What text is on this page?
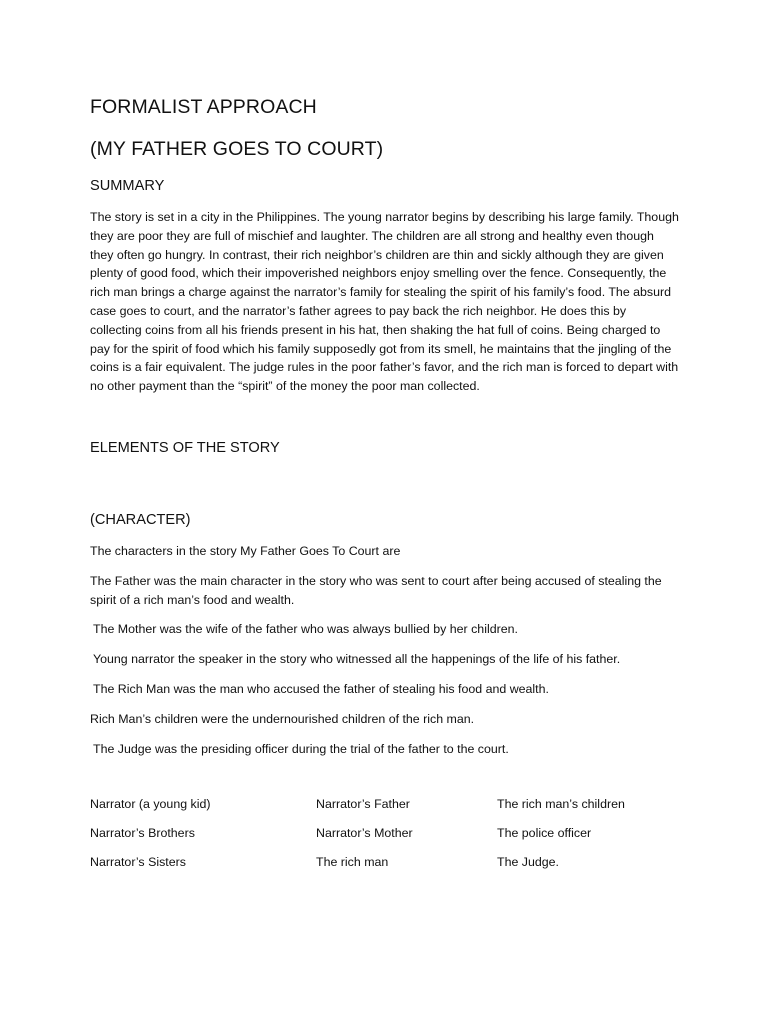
FORMALIST APPROACH
(MY FATHER GOES TO COURT)
SUMMARY

The story is set in a city in the Philippines. The young narrator begins by describing his large family. Though they are poor they are full of mischief and laughter. The children are all strong and healthy even though they often go hungry. In contrast, their rich neighbor’s children are thin and sickly although they are given plenty of good food, which their impoverished neighbors enjoy smelling over the fence. Consequently, the rich man brings a charge against the narrator’s family for stealing the spirit of his family’s food. The absurd case goes to court, and the narrator’s father agrees to pay back the rich neighbor. He does this by collecting coins from all his friends present in his hat, then shaking the hat full of coins. Being charged to pay for the spirit of food which his family supposedly got from its smell, he maintains that the jingling of the coins is a fair equivalent. The judge rules in the poor father’s favor, and the rich man is forced to depart with no other payment than the “spirit” of the money the poor man collected.

ELEMENTS OF THE STORY
(CHARACTER)

The characters in the story My Father Goes To Court are

The Father was the main character in the story who was sent to court after being accused of stealing the spirit of a rich man’s food and wealth.

The Mother was the wife of the father who was always bullied by her children.

Young narrator the speaker in the story who witnessed all the happenings of the life of his father.

The Rich Man was the man who accused the father of stealing his food and wealth.

Rich Man’s children were the undernourished children of the rich man.

The Judge was the presiding officer during the trial of the father to the court.

Narrator (a young kid)	Narrator’s Father	The rich man’s children
Narrator’s Brothers	Narrator’s Mother	The police officer
Narrator’s Sisters	The rich man	The Judge.
